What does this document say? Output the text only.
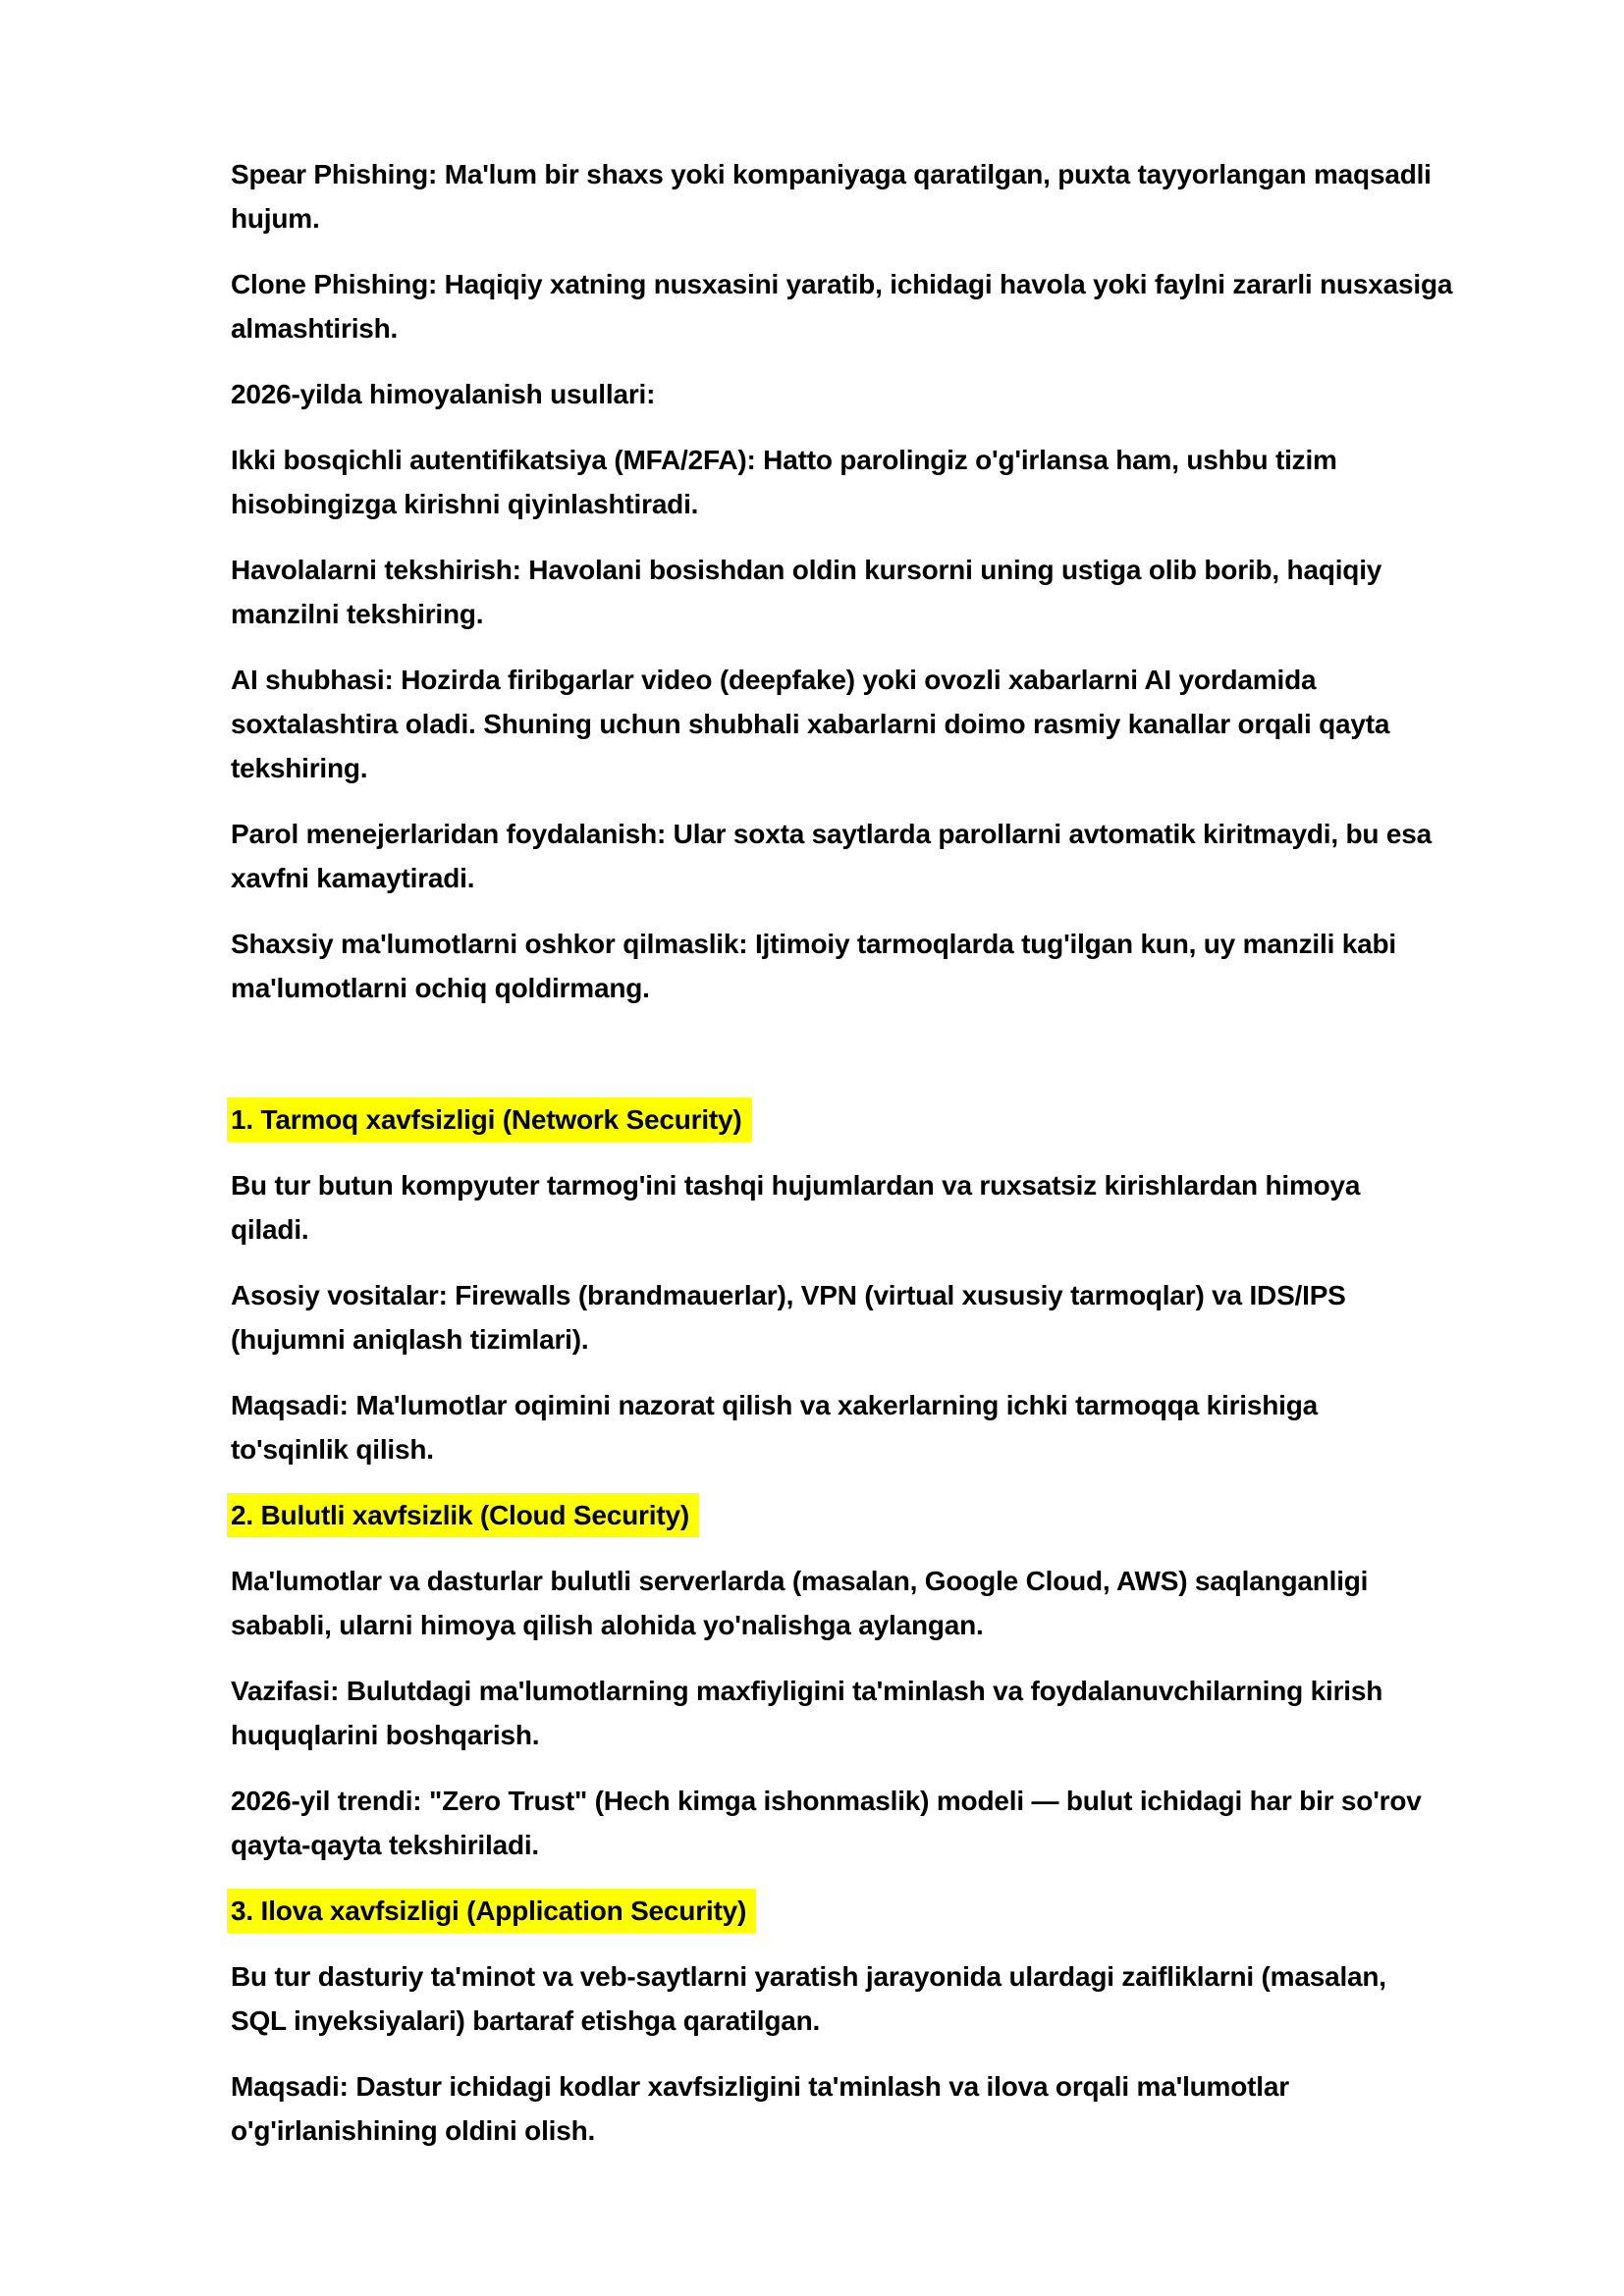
Spear Phishing: Ma'lum bir shaxs yoki kompaniyaga qaratilgan, puxta tayyorlangan maqsadli
hujum.
Clone Phishing: Haqiqiy xatning nusxasini yaratib, ichidagi havola yoki faylni zararli nusxasiga
almashtirish.
2026-yilda himoyalanish usullari:
Ikki bosqichli autentifikatsiya (MFA/2FA): Hatto parolingiz o'g'irlansa ham, ushbu tizim
hisobingizga kirishni qiyinlashtiradi.
Havolalarni tekshirish: Havolani bosishdan oldin kursorni uning ustiga olib borib, haqiqiy
manzilni tekshiring.
AI shubhasi: Hozirda firibgarlar video (deepfake) yoki ovozli xabarlarni AI yordamida
soxtalashtira oladi. Shuning uchun shubhali xabarlarni doimo rasmiy kanallar orqali qayta
tekshiring.
Parol menejerlaridan foydalanish: Ular soxta saytlarda parollarni avtomatik kiritmaydi, bu esa
xavfni kamaytiradi.
Shaxsiy ma'lumotlarni oshkor qilmaslik: Ijtimoiy tarmoqlarda tug'ilgan kun, uy manzili kabi
ma'lumotlarni ochiq qoldirmang.
1. Tarmoq xavfsizligi (Network Security)
Bu tur butun kompyuter tarmog'ini tashqi hujumlardan va ruxsatsiz kirishlardan himoya
qiladi.
Asosiy vositalar: Firewalls (brandmauerlar), VPN (virtual xususiy tarmoqlar) va IDS/IPS
(hujumni aniqlash tizimlari).
Maqsadi: Ma'lumotlar oqimini nazorat qilish va xakerlarning ichki tarmoqqa kirishiga
to'sqinlik qilish.
2. Bulutli xavfsizlik (Cloud Security)
Ma'lumotlar va dasturlar bulutli serverlarda (masalan, Google Cloud, AWS) saqlanganligi
sababli, ularni himoya qilish alohida yo'nalishga aylangan.
Vazifasi: Bulutdagi ma'lumotlarning maxfiyligini ta'minlash va foydalanuvchilarning kirish
huquqlarini boshqarish.
2026-yil trendi: "Zero Trust" (Hech kimga ishonmaslik) modeli — bulut ichidagi har bir so'rov
qayta-qayta tekshiriladi.
3. Ilova xavfsizligi (Application Security)
Bu tur dasturiy ta'minot va veb-saytlarni yaratish jarayonida ulardagi zaifliklarni (masalan,
SQL inyeksiyalari) bartaraf etishga qaratilgan.
Maqsadi: Dastur ichidagi kodlar xavfsizligini ta'minlash va ilova orqali ma'lumotlar
o'g'irlanishining oldini olish.
